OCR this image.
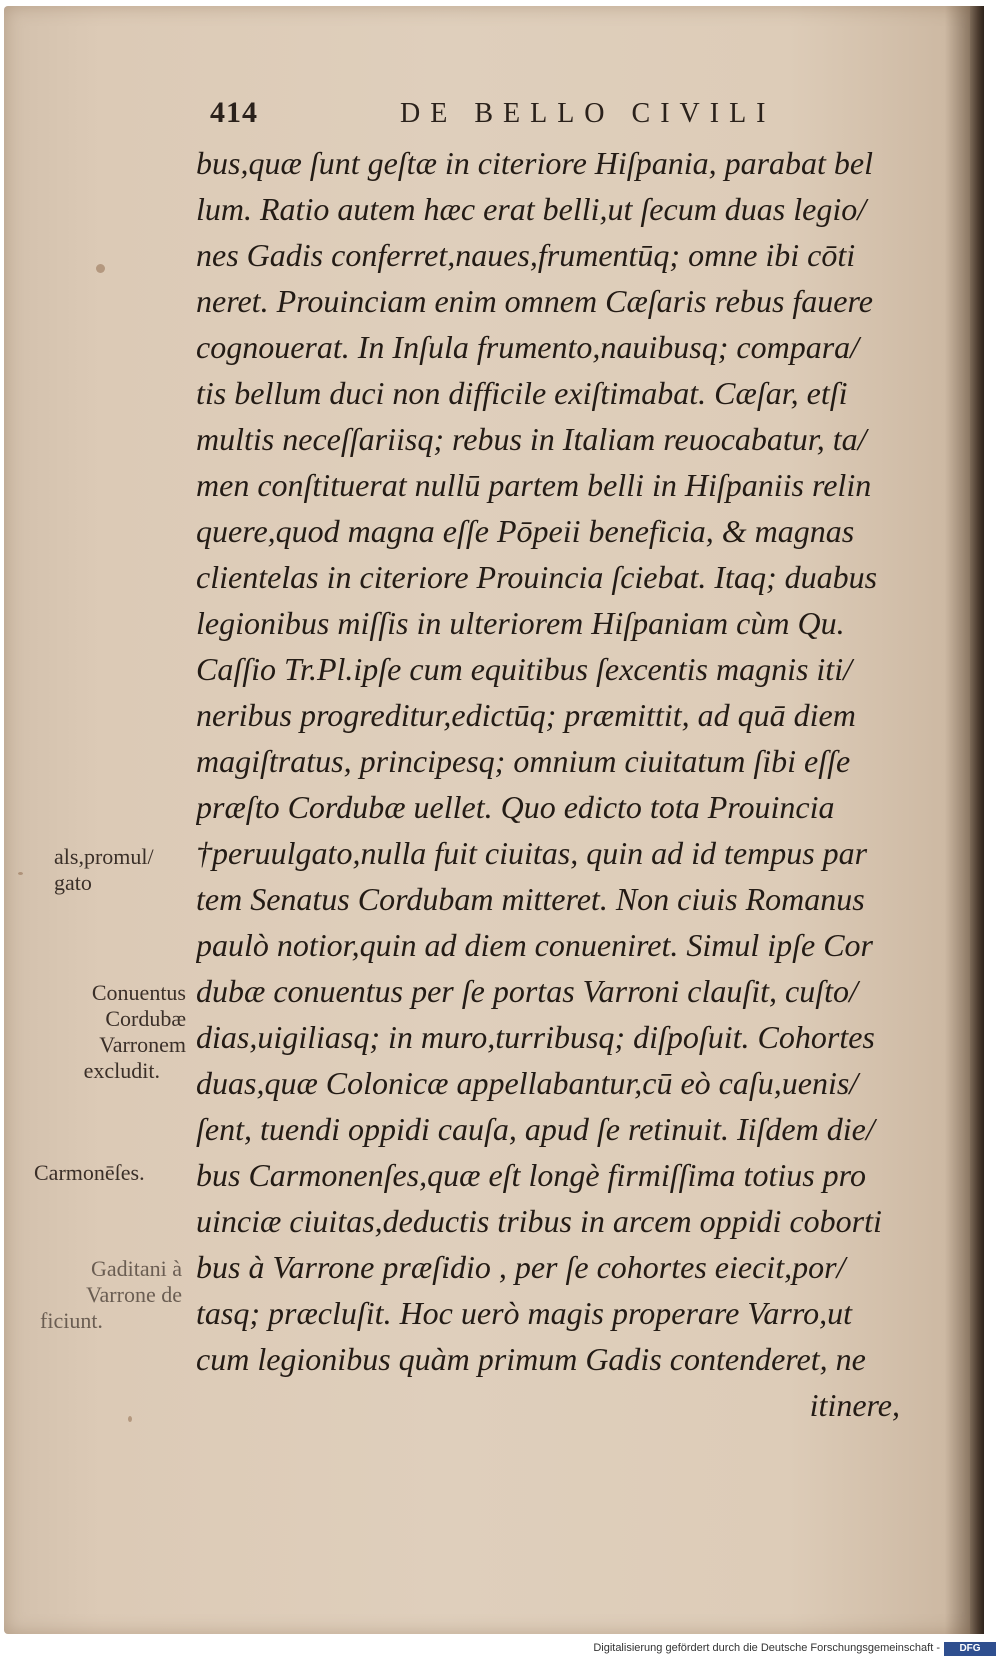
414	DE BELLO CIVILI
bus,quæ ſunt geſtæ in citeriore Hiſpania, parabat bel
lum. Ratio autem hæc erat belli,ut ſecum duas legio/
nes Gadis conferret,naues,frumentūq; omne ibi cōti
neret. Prouinciam enim omnem Cæſaris rebus fauere
cognouerat. In Inſula frumento,nauibusq; compara/
tis bellum duci non difficile exiſtimabat. Cæſar, etſi
multis neceſſariisq; rebus in Italiam reuocabatur, ta/
men conſtituerat nullū partem belli in Hiſpaniis relin
quere,quod magna eſſe Pōpeii beneficia, & magnas
clientelas in citeriore Prouincia ſciebat. Itaq; duabus
legionibus miſſis in ulteriorem Hiſpaniam cùm Qu.
Caſſio Tr.Pl.ipſe cum equitibus ſexcentis magnis iti/
neribus progreditur,edictūq; præmittit, ad quā diem
magiſtratus, principesq; omnium ciuitatum ſibi eſſe
præſto Cordubæ uellet. Quo edicto tota Prouincia
†peruulgato,nulla fuit ciuitas, quin ad id tempus par
tem Senatus Cordubam mitteret. Non ciuis Romanus
paulò notior,quin ad diem conueniret. Simul ipſe Cor
dubæ conuentus per ſe portas Varroni clauſit, cuſto/
dias,uigiliasq; in muro,turribusq; diſpoſuit. Cohortes
duas,quæ Colonicæ appellabantur,cū eò caſu,uenis/
ſent, tuendi oppidi cauſa, apud ſe retinuit. Iiſdem die/
bus Carmonenſes,quæ eſt longè firmiſſima totius pro
uinciæ ciuitas,deductis tribus in arcem oppidi coborti
bus à Varrone præſidio , per ſe cohortes eiecit,por/
tasq; præcluſit. Hoc uerò magis properare Varro,ut
cum legionibus quàm primum Gadis contenderet, ne
itinere,
als,promul/
gato
Conuentus
Cordubæ
Varronem
excludit.
Carmonēſes.
Gaditani à
Varrone de
ficiunt.
Digitalisierung gefördert durch die Deutsche Forschungsgemeinschaft -	DFG
